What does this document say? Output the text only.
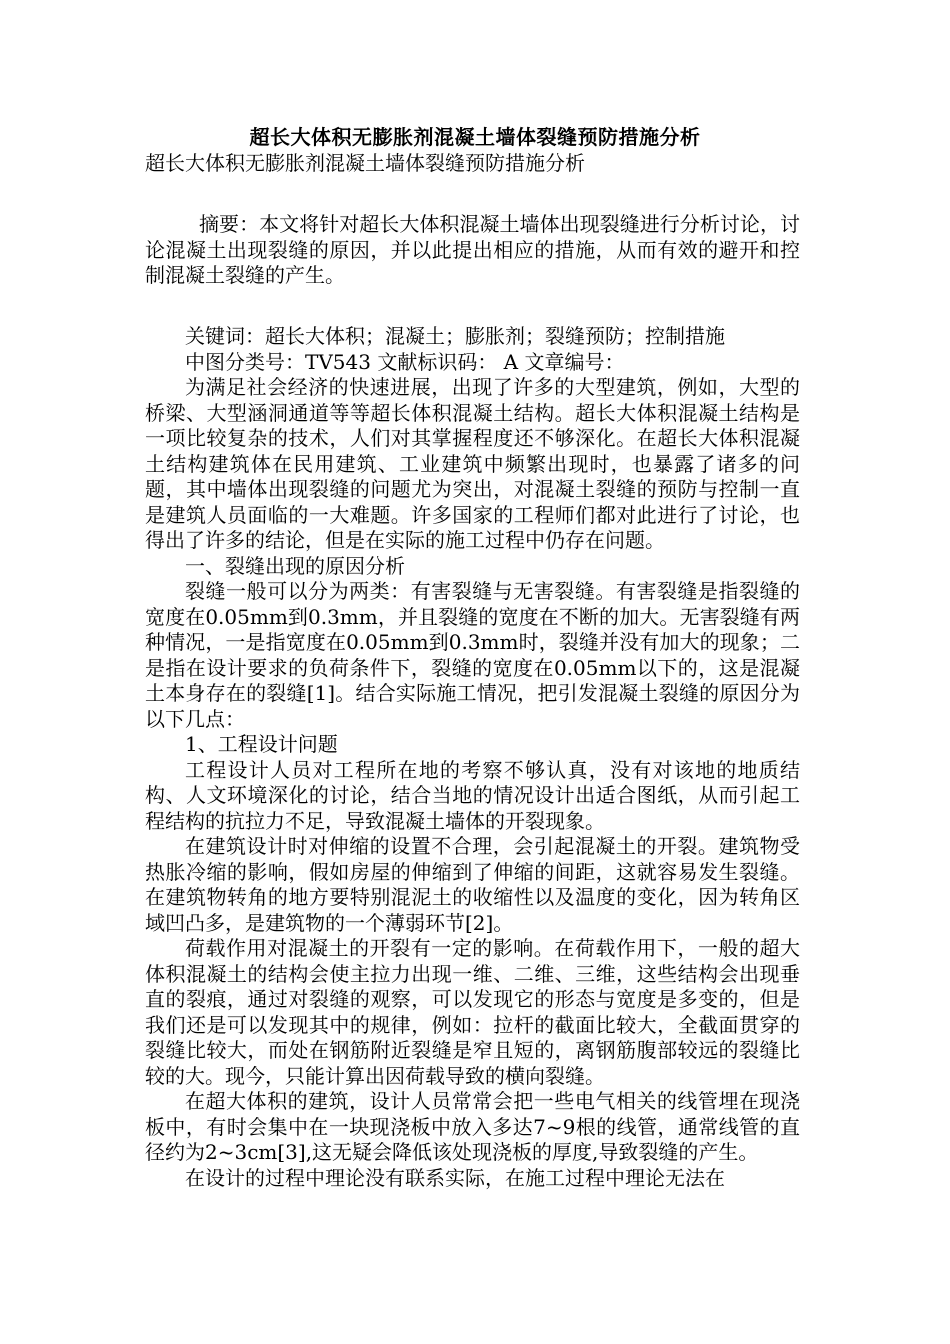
超长大体积无膨胀剂混凝土墙体裂缝预防措施分析

超长大体积无膨胀剂混凝土墙体裂缝预防措施分析

摘要：本文将针对超长大体积混凝土墙体出现裂缝进行分析讨论，讨论混凝土出现裂缝的原因，并以此提出相应的措施，从而有效的避开和控制混凝土裂缝的产生。

关键词：超长大体积；混凝土；膨胀剂；裂缝预防；控制措施

中图分类号：TV543 文献标识码： A 文章编号：

为满足社会经济的快速进展，出现了许多的大型建筑，例如，大型的桥梁、大型涵洞通道等等超长体积混凝土结构。超长大体积混凝土结构是一项比较复杂的技术，人们对其掌握程度还不够深化。在超长大体积混凝土结构建筑体在民用建筑、工业建筑中频繁出现时，也暴露了诸多的问题，其中墙体出现裂缝的问题尤为突出，对混凝土裂缝的预防与控制一直是建筑人员面临的一大难题。许多国家的工程师们都对此进行了讨论，也得出了许多的结论，但是在实际的施工过程中仍存在问题。

一、裂缝出现的原因分析

裂缝一般可以分为两类：有害裂缝与无害裂缝。有害裂缝是指裂缝的宽度在0.05mm到0.3mm，并且裂缝的宽度在不断的加大。无害裂缝有两种情况，一是指宽度在0.05mm到0.3mm时，裂缝并没有加大的现象；二是指在设计要求的负荷条件下，裂缝的宽度在0.05mm以下的，这是混凝土本身存在的裂缝[1]。结合实际施工情况，把引发混凝土裂缝的原因分为以下几点：

1、工程设计问题

工程设计人员对工程所在地的考察不够认真，没有对该地的地质结构、人文环境深化的讨论，结合当地的情况设计出适合图纸，从而引起工程结构的抗拉力不足，导致混凝土墙体的开裂现象。

在建筑设计时对伸缩的设置不合理，会引起混凝土的开裂。建筑物受热胀冷缩的影响，假如房屋的伸缩到了伸缩的间距，这就容易发生裂缝。在建筑物转角的地方要特别混泥土的收缩性以及温度的变化，因为转角区域凹凸多，是建筑物的一个薄弱环节[2]。

荷载作用对混凝土的开裂有一定的影响。在荷载作用下，一般的超大体积混凝土的结构会使主拉力出现一维、二维、三维，这些结构会出现垂直的裂痕，通过对裂缝的观察，可以发现它的形态与宽度是多变的，但是我们还是可以发现其中的规律，例如：拉杆的截面比较大，全截面贯穿的裂缝比较大，而处在钢筋附近裂缝是窄且短的，离钢筋腹部较远的裂缝比较的大。现今，只能计算出因荷载导致的横向裂缝。

在超大体积的建筑，设计人员常常会把一些电气相关的线管埋在现浇板中，有时会集中在一块现浇板中放入多达7~9根的线管，通常线管的直径约为2~3cm[3],这无疑会降低该处现浇板的厚度,导致裂缝的产生。

在设计的过程中理论没有联系实际，在施工过程中理论无法在
